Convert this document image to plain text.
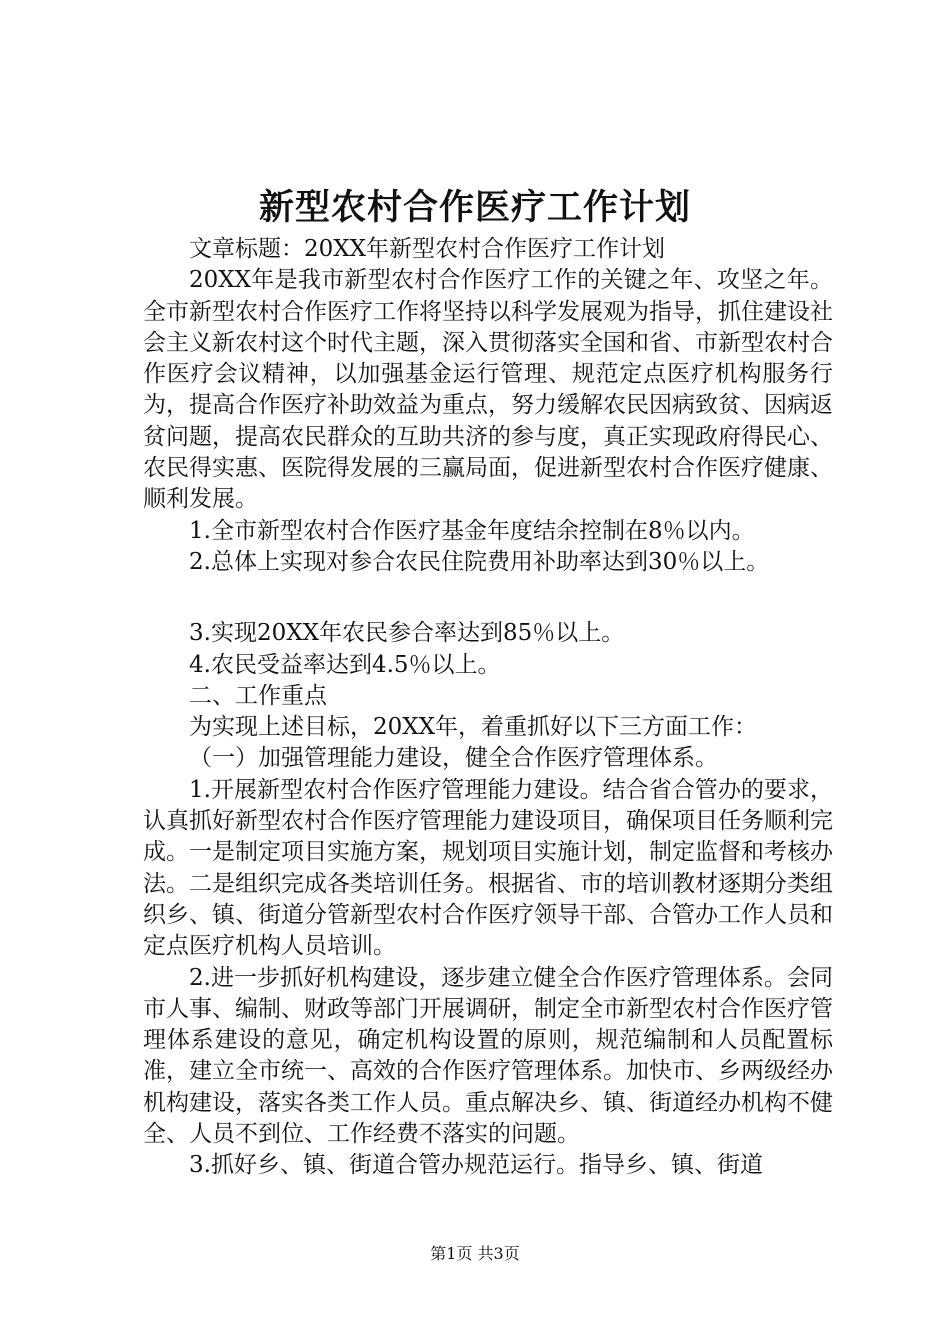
新型农村合作医疗工作计划

文章标题：20XX年新型农村合作医疗工作计划

20XX年是我市新型农村合作医疗工作的关键之年、攻坚之年。全市新型农村合作医疗工作将坚持以科学发展观为指导，抓住建设社会主义新农村这个时代主题，深入贯彻落实全国和省、市新型农村合作医疗会议精神，以加强基金运行管理、规范定点医疗机构服务行为，提高合作医疗补助效益为重点，努力缓解农民因病致贫、因病返贫问题，提高农民群众的互助共济的参与度，真正实现政府得民心、农民得实惠、医院得发展的三赢局面，促进新型农村合作医疗健康、顺利发展。

1.全市新型农村合作医疗基金年度结余控制在8％以内。

2.总体上实现对参合农民住院费用补助率达到30％以上。

3.实现20XX年农民参合率达到85％以上。

4.农民受益率达到4.5％以上。

二、工作重点

为实现上述目标，20XX年，着重抓好以下三方面工作：

（一）加强管理能力建设，健全合作医疗管理体系。

1.开展新型农村合作医疗管理能力建设。结合省合管办的要求，认真抓好新型农村合作医疗管理能力建设项目，确保项目任务顺利完成。一是制定项目实施方案，规划项目实施计划，制定监督和考核办法。二是组织完成各类培训任务。根据省、市的培训教材逐期分类组织乡、镇、街道分管新型农村合作医疗领导干部、合管办工作人员和定点医疗机构人员培训。

2.进一步抓好机构建设，逐步建立健全合作医疗管理体系。会同市人事、编制、财政等部门开展调研，制定全市新型农村合作医疗管理体系建设的意见，确定机构设置的原则，规范编制和人员配置标准，建立全市统一、高效的合作医疗管理体系。加快市、乡两级经办机构建设，落实各类工作人员。重点解决乡、镇、街道经办机构不健全、人员不到位、工作经费不落实的问题。

3.抓好乡、镇、街道合管办规范运行。指导乡、镇、街道

第1页 共3页
